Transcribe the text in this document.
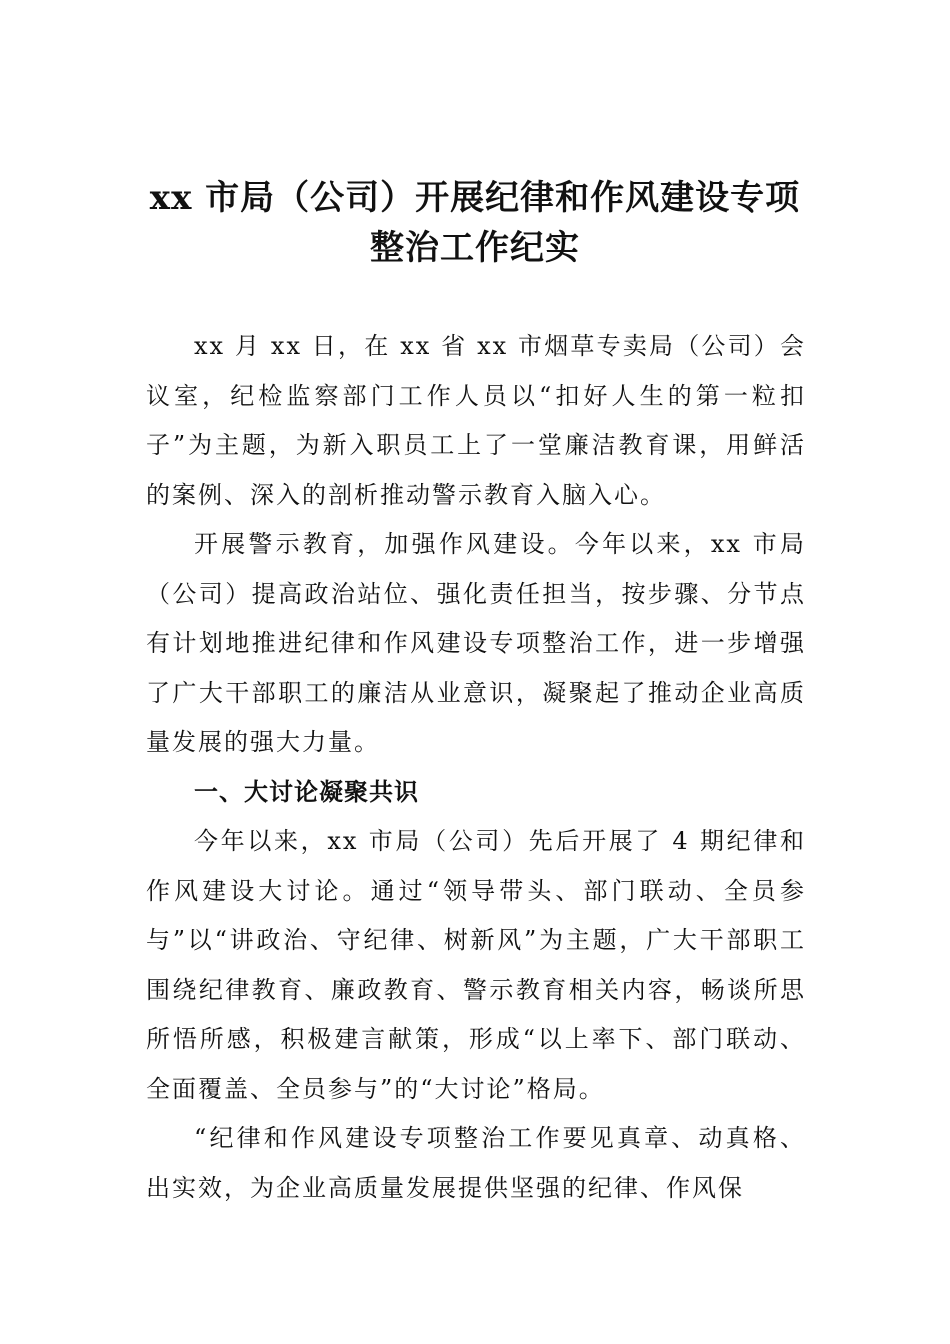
xx 市局（公司）开展纪律和作风建设专项
整治工作纪实

xx 月 xx 日，在 xx 省 xx 市烟草专卖局（公司）会议室，纪检监察部门工作人员以“扣好人生的第一粒扣子”为主题，为新入职员工上了一堂廉洁教育课，用鲜活的案例、深入的剖析推动警示教育入脑入心。

开展警示教育，加强作风建设。今年以来，xx 市局（公司）提高政治站位、强化责任担当，按步骤、分节点有计划地推进纪律和作风建设专项整治工作，进一步增强了广大干部职工的廉洁从业意识，凝聚起了推动企业高质量发展的强大力量。

一、大讨论凝聚共识

今年以来，xx 市局（公司）先后开展了 4 期纪律和作风建设大讨论。通过“领导带头、部门联动、全员参与”以“讲政治、守纪律、树新风”为主题，广大干部职工围绕纪律教育、廉政教育、警示教育相关内容，畅谈所思所悟所感，积极建言献策，形成“以上率下、部门联动、全面覆盖、全员参与”的“大讨论”格局。

“纪律和作风建设专项整治工作要见真章、动真格、出实效，为企业高质量发展提供坚强的纪律、作风保
